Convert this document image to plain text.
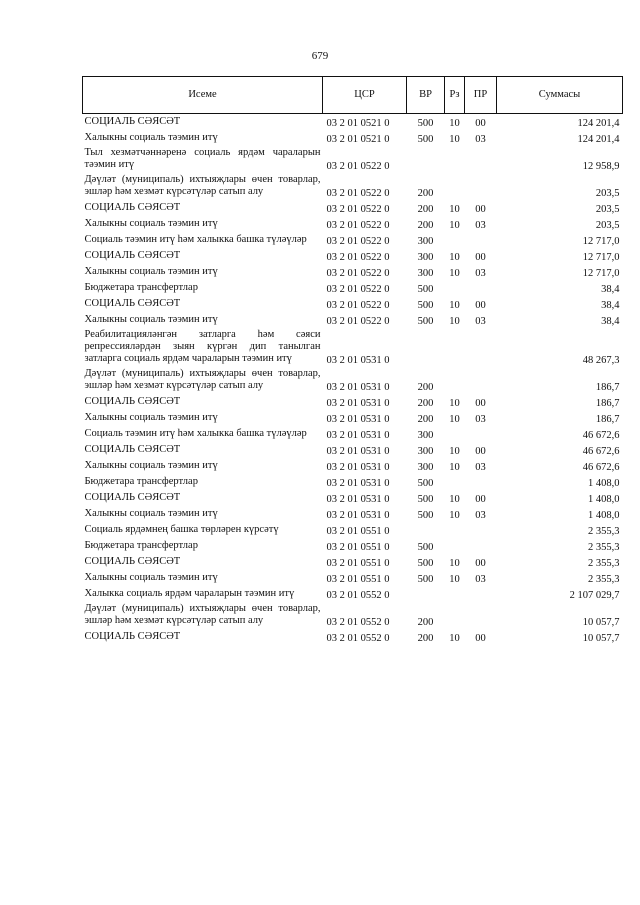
679
Исеме	ЦСР	ВР	Рз	ПР	Суммасы
СОЦИАЛЬ СӘЯСӘТ	03 2 01 0521 0	500	10	00	124 201,4
Халыкны социаль тәэмин итү	03 2 01 0521 0	500	10	03	124 201,4
Тыл хезмәтчәннәренә социаль ярдәм чараларын тәэмин итү	03 2 01 0522 0				12 958,9
Дәүләт (муниципаль) ихтыяҗлары өчен товарлар, эшләр һәм хезмәт күрсәтүләр сатып алу	03 2 01 0522 0	200			203,5
СОЦИАЛЬ СӘЯСӘТ	03 2 01 0522 0	200	10	00	203,5
Халыкны социаль тәэмин итү	03 2 01 0522 0	200	10	03	203,5
Социаль тәэмин итү һәм халыкка башка түләүләр	03 2 01 0522 0	300			12 717,0
СОЦИАЛЬ СӘЯСӘТ	03 2 01 0522 0	300	10	00	12 717,0
Халыкны социаль тәэмин итү	03 2 01 0522 0	300	10	03	12 717,0
Бюджетара трансфертлар	03 2 01 0522 0	500			38,4
СОЦИАЛЬ СӘЯСӘТ	03 2 01 0522 0	500	10	00	38,4
Халыкны социаль тәэмин итү	03 2 01 0522 0	500	10	03	38,4
Реабилитацияләнгән затларга һәм сәяси репрессияләрдән зыян күргән дип танылган затларга социаль ярдәм чараларын тәэмин итү	03 2 01 0531 0				48 267,3
Дәүләт (муниципаль) ихтыяҗлары өчен товарлар, эшләр һәм хезмәт күрсәтүләр сатып алу	03 2 01 0531 0	200			186,7
СОЦИАЛЬ СӘЯСӘТ	03 2 01 0531 0	200	10	00	186,7
Халыкны социаль тәэмин итү	03 2 01 0531 0	200	10	03	186,7
Социаль тәэмин итү һәм халыкка башка түләүләр	03 2 01 0531 0	300			46 672,6
СОЦИАЛЬ СӘЯСӘТ	03 2 01 0531 0	300	10	00	46 672,6
Халыкны социаль тәэмин итү	03 2 01 0531 0	300	10	03	46 672,6
Бюджетара трансфертлар	03 2 01 0531 0	500			1 408,0
СОЦИАЛЬ СӘЯСӘТ	03 2 01 0531 0	500	10	00	1 408,0
Халыкны социаль тәэмин итү	03 2 01 0531 0	500	10	03	1 408,0
Социаль ярдәмнең башка төрләрен күрсәтү	03 2 01 0551 0				2 355,3
Бюджетара трансфертлар	03 2 01 0551 0	500			2 355,3
СОЦИАЛЬ СӘЯСӘТ	03 2 01 0551 0	500	10	00	2 355,3
Халыкны социаль тәэмин итү	03 2 01 0551 0	500	10	03	2 355,3
Халыкка социаль ярдәм чараларын тәэмин итү	03 2 01 0552 0				2 107 029,7
Дәүләт (муниципаль) ихтыяҗлары өчен товарлар, эшләр һәм хезмәт күрсәтүләр сатып алу	03 2 01 0552 0	200			10 057,7
СОЦИАЛЬ СӘЯСӘТ	03 2 01 0552 0	200	10	00	10 057,7
